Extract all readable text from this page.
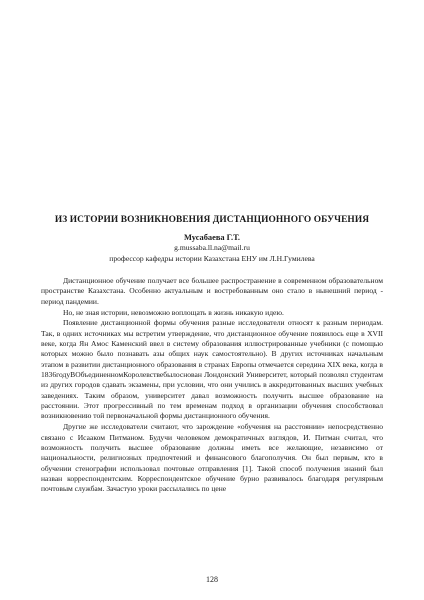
ИЗ ИСТОРИИ ВОЗНИКНОВЕНИЯ ДИСТАНЦИОННОГО ОБУЧЕНИЯ

Мусабаева Г.Т.

g.mussaba.ll.na@mail.ru

профессор кафедры истории Казахстана ЕНУ им Л.Н.Гумилева

Дистанционное обучение получает все большее распространение в современном образовательном пространстве Казахстана. Особенно актуальным и востребованным оно стало в нынешний период - период пандемии.

Но, не зная истории, невозможно воплощать в жизнь никакую идею.

Появление дистанционной формы обучения разные исследователи относят к разным периодам. Так, в одних источниках мы встретим утверждение, что дистанционное обучение появилось еще в XVII веке, когда Ян Амос Каменский ввел в систему образования иллюстрированные учебники (с помощью которых можно было познавать азы общих наук самостоятельно). В других источниках начальным этапом в развитии дистанционного образования в странах Европы отмечается середина XIX века, когда в 1836годуВОбъединенномКоролевствебылоснован Лондонский Университет, который позволял студентам из других городов сдавать экзамены, при условии, что они учились в аккредитованных высших учебных заведениях. Таким образом, университет давал возможность получить высшее образование на расстоянии. Этот прогрессивный по тем временам подход в организации обучения способствовал возникновению той первоначальной формы дистанционного обучения.

Другие же исследователи считают, что зарождение «обучения на расстоянии» непосредственно связано с Исааком Питманом. Будучи человеком демократичных взглядов, И. Питман считал, что возможность получить высшее образование должны иметь все желающие, независимо от национальности, религиозных предпочтений и финансового благополучия. Он был первым, кто в обучении стенографии использовал почтовые отправления [1]. Такой способ получения знаний был назван корреспондентским. Корреспондентское обучение бурно развивалось благодаря регулярным почтовым службам. Зачастую уроки рассылались по цене

128
